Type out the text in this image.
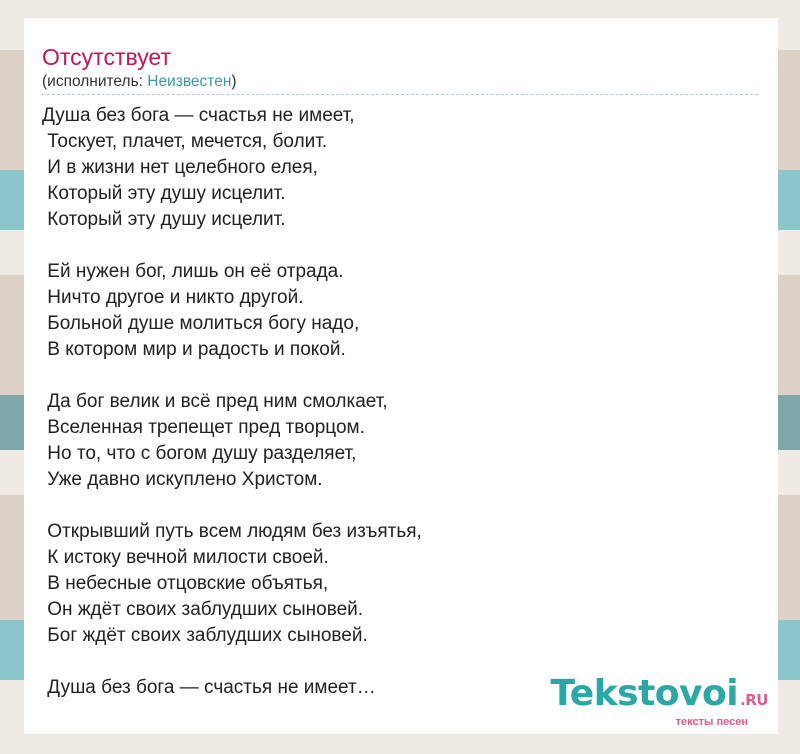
Отсутствует
(исполнитель: Неизвестен)
Душа без бога — счастья не имеет,
Тоскует, плачет, мечется, болит.
И в жизни нет целебного елея,
Который эту душу исцелит.
Который эту душу исцелит.

Ей нужен бог, лишь он её отрада.
Ничто другое и никто другой.
Больной душе молиться богу надо,
В котором мир и радость и покой.

Да бог велик и всё пред ним смолкает,
Вселенная трепещет пред творцом.
Но то, что с богом душу разделяет,
Уже давно искуплено Христом.

Открывший путь всем людям без изъятья,
К истоку вечной милости своей.
В небесные отцовские объятья,
Он ждёт своих заблудших сыновей.
Бог ждёт своих заблудших сыновей.

Душа без бога — счастья не имеет…	Tekstovoi .RU
тексты песен
